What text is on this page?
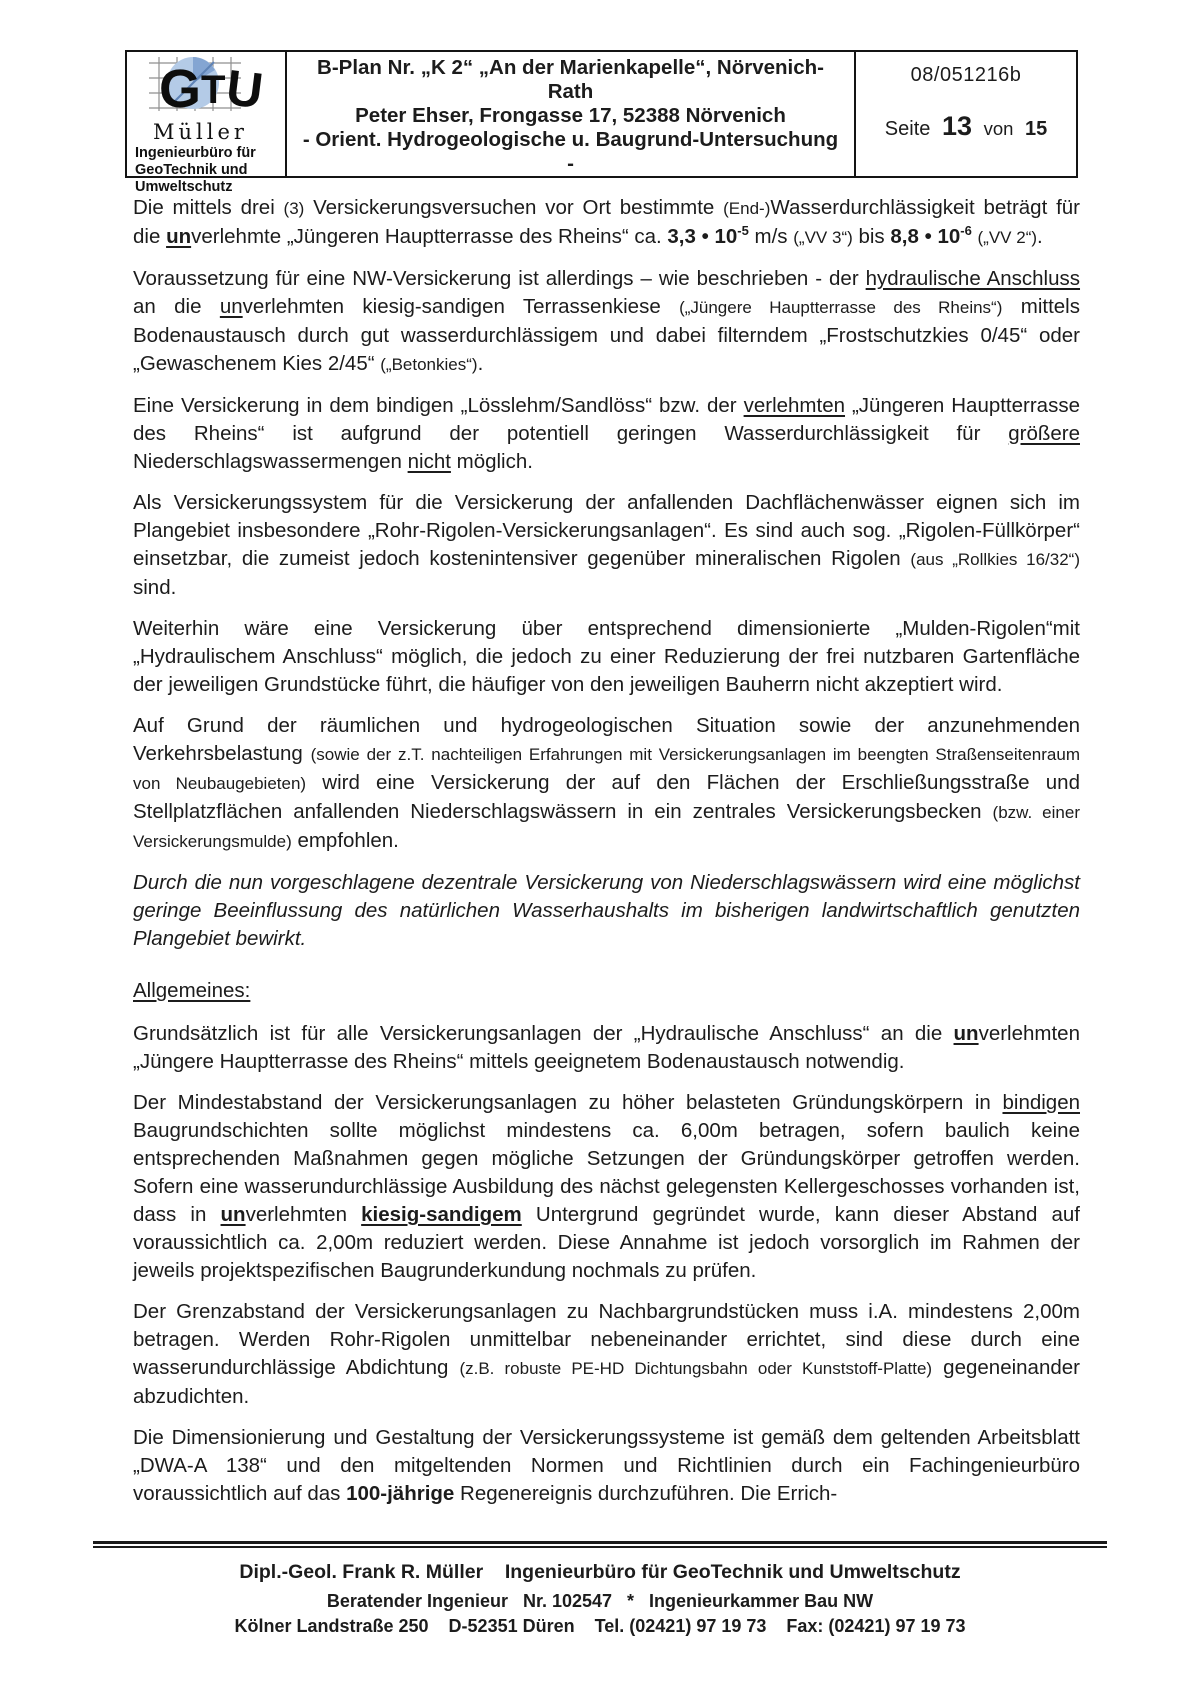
G T
U
Müller
Ingenieurbüro für
GeoTechnik und
Umweltschutz
B-Plan Nr. „K 2“ „An der Marienkapelle“, Nörvenich-Rath
Peter Ehser, Frongasse 17, 52388 Nörvenich
- Orient. Hydrogeologische u. Baugrund-Untersuchung -
08/051216b
Seite 13 von 15

Die mittels drei (3) Versickerungsversuchen vor Ort bestimmte (End-)Wasserdurchlässigkeit beträgt für die unverlehmte „Jüngeren Hauptterrasse des Rheins“ ca. 3,3 • $10^{-5}$ m/s („VV 3“) bis 8,8 • $10^{-6}$ („VV 2“).

Voraussetzung für eine NW-Versickerung ist allerdings – wie beschrieben - der hydraulische Anschluss an die unverlehmten kiesig-sandigen Terrassenkiese („Jüngere Hauptterrasse des Rheins“) mittels Bodenaustausch durch gut wasserdurchlässigem und dabei filterndem „Frostschutzkies 0/45“ oder „Gewaschenem Kies 2/45“ („Betonkies“).

Eine Versickerung in dem bindigen „Lösslehm/Sandlöss“ bzw. der verlehmten „Jüngeren Hauptterrasse des Rheins“ ist aufgrund der potentiell geringen Wasserdurchlässigkeit für größere Niederschlagswassermengen nicht möglich.

Als Versickerungssystem für die Versickerung der anfallenden Dachflächenwässer eignen sich im Plangebiet insbesondere „Rohr-Rigolen-Versickerungsanlagen“. Es sind auch sog. „Rigolen-Füllkörper“ einsetzbar, die zumeist jedoch kostenintensiver gegenüber mineralischen Rigolen (aus „Rollkies 16/32“) sind.

Weiterhin wäre eine Versickerung über entsprechend dimensionierte „Mulden-Rigolen“mit „Hydraulischem Anschluss“ möglich, die jedoch zu einer Reduzierung der frei nutzbaren Gartenfläche der jeweiligen Grundstücke führt, die häufiger von den jeweiligen Bauherrn nicht akzeptiert wird.

Auf Grund der räumlichen und hydrogeologischen Situation sowie der anzunehmenden Verkehrsbelastung (sowie der z.T. nachteiligen Erfahrungen mit Versickerungsanlagen im beengten Straßenseitenraum von Neubaugebieten) wird eine Versickerung der auf den Flächen der Erschließungsstraße und Stellplatzflächen anfallenden Niederschlagswässern in ein zentrales Versickerungsbecken (bzw. einer Versickerungsmulde) empfohlen.

Durch die nun vorgeschlagene dezentrale Versickerung von Niederschlagswässern wird eine möglichst geringe Beeinflussung des natürlichen Wasserhaushalts im bisherigen landwirtschaftlich genutzten Plangebiet bewirkt.

Allgemeines:

Grundsätzlich ist für alle Versickerungsanlagen der „Hydraulische Anschluss“ an die unverlehmten „Jüngere Hauptterrasse des Rheins“ mittels geeignetem Bodenaustausch notwendig.

Der Mindestabstand der Versickerungsanlagen zu höher belasteten Gründungskörpern in bindigen Baugrundschichten sollte möglichst mindestens ca. 6,00m betragen, sofern baulich keine entsprechenden Maßnahmen gegen mögliche Setzungen der Gründungskörper getroffen werden. Sofern eine wasserundurchlässige Ausbildung des nächst gelegensten Kellergeschosses vorhanden ist, dass in unverlehmten kiesig-sandigem Untergrund gegründet wurde, kann dieser Abstand auf voraussichtlich ca. 2,00m reduziert werden. Diese Annahme ist jedoch vorsorglich im Rahmen der jeweils projektspezifischen Baugrunderkundung nochmals zu prüfen.

Der Grenzabstand der Versickerungsanlagen zu Nachbargrundstücken muss i.A. mindestens 2,00m betragen. Werden Rohr-Rigolen unmittelbar nebeneinander errichtet, sind diese durch eine wasserundurchlässige Abdichtung (z.B. robuste PE-HD Dichtungsbahn oder Kunststoff-Platte) gegeneinander abzudichten.

Die Dimensionierung und Gestaltung der Versickerungssysteme ist gemäß dem geltenden Arbeitsblatt „DWA-A 138“ und den mitgeltenden Normen und Richtlinien durch ein Fachingenieurbüro voraussichtlich auf das 100-jährige Regenereignis durchzuführen. Die Errich-

Dipl.-Geol. Frank R. Müller    Ingenieurbüro für GeoTechnik und Umweltschutz
Beratender Ingenieur   Nr. 102547   *   Ingenieurkammer Bau NW
Kölner Landstraße 250    D-52351 Düren    Tel. (02421) 97 19 73    Fax: (02421) 97 19 73
